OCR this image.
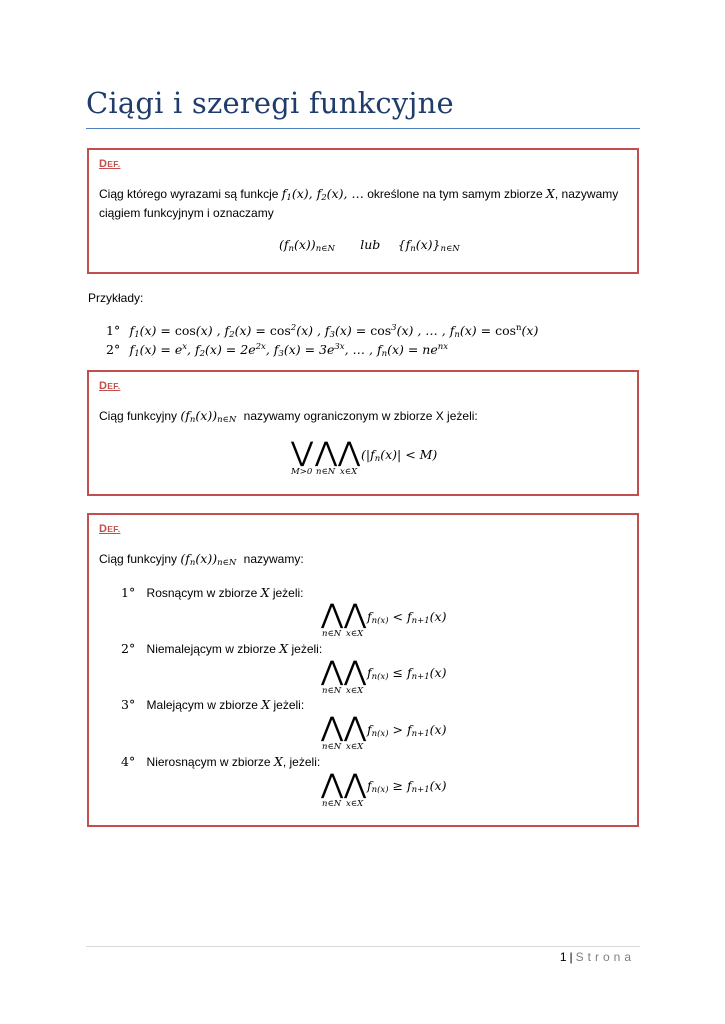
Ciągi i szeregi funkcyjne
DEF.
Ciąg którego wyrazami są funkcje $f_1(x)$, $f_2(x)$, … określone na tym samym zbiorze X, nazywamy
ciągiem funkcyjnym i oznaczamy
$(f_n(x))_{n\in N}$ lub $\{f_n(x)\}_{n\in N}$
Przykłady:
1° $f_1(x) = \cos(x)$ , $f_2(x) = \cos^2(x)$ , $f_3(x) = \cos^3(x)$ , … , $f_n(x) = \cos^n(x)$
2° $f_1(x) = e^x$, $f_2(x) = 2e^{2x}$, $f_3(x) = 3e^{3x}$, … , $f_n(x) = ne^{nx}$
DEF.
Ciąg funkcyjny $(f_n(x))_{n\in N}$ nazywamy ograniczonym w zbiorze X jeżeli:
⋁ ⋀ ⋀
M>0 n∈N x∈X
$(|f_n(x)| < M)$
DEF.
Ciąg funkcyjny $(f_n(x))_{n\in N}$ nazywamy:
1° Rosnącym w zbiorze X jeżeli:
⋀ ⋀
n∈N x∈X
$f_{n(x)} < f_{n+1}(x)$
2° Niemalejącym w zbiorze X jeżeli:
⋀ ⋀
n∈N x∈X
$f_{n(x)} \le f_{n+1}(x)$
3° Malejącym w zbiorze X jeżeli:
⋀ ⋀
n∈N x∈X
$f_{n(x)} > f_{n+1}(x)$
4° Nierosnącym w zbiorze X, jeżeli:
⋀ ⋀
n∈N x∈X
$f_{n(x)} \ge f_{n+1}(x)$
1 | Strona
